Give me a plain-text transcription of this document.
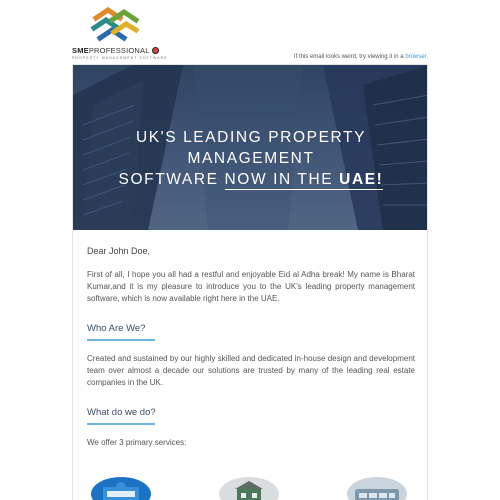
SMEPROFESSIONAL
PROPERTY MANAGEMENT SOFTWARE	If this email looks weird, try viewing it in a browser.
UK'S LEADING PROPERTY MANAGEMENT
SOFTWARE NOW IN THE UAE!
Dear John Doe,
First of all, I hope you all had a restful and enjoyable Eid al Adha break! My name is Bharat Kumar,and it is my pleasure to introduce you to the UK's leading property management software, which is now available right here in the UAE.
Who Are We?
Created and sustained by our highly skilled and dedicated in-house design and development team over almost a decade our solutions are trusted by many of the leading real estate companies in the UK.
What do we do?
We offer 3 primary services:
